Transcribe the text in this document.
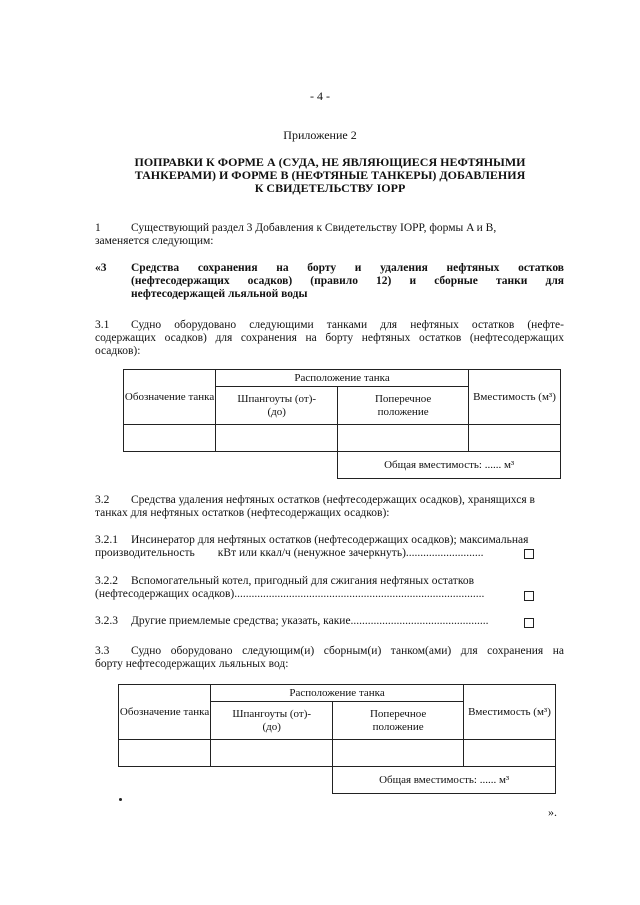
- 4 -
Приложение 2
ПОПРАВКИ К ФОРМЕ А (СУДА, НЕ ЯВЛЯЮЩИЕСЯ НЕФТЯНЫМИ
ТАНКЕРАМИ) И ФОРМЕ В (НЕФТЯНЫЕ ТАНКЕРЫ) ДОБАВЛЕНИЯ
К СВИДЕТЕЛЬСТВУ IOPP
1	Существующий раздел 3 Добавления к Свидетельству IOPP, формы A и B,
заменяется следующим:
«3 Средства сохранения на борту и удаления нефтяных остатков
(нефтесодержащих осадков) (правило 12) и сборные танки для
нефтесодержащей льяльной воды
3.1 Судно оборудовано следующими танками для нефтяных остатков (нефте-
содержащих осадков) для сохранения на борту нефтяных остатков (нефтесодержащих
осадков):
Обозначение танка	Расположение танка		Вместимость (м³)
	Шпангоуты (от)-(до)	Поперечное положение	

		Общая вместимость: ...... м³	
3.2 Средства удаления нефтяных остатков (нефтесодержащих осадков), хранящихся в
танках для нефтяных остатков (нефтесодержащих осадков):
3.2.1 Инсинератор для нефтяных остатков (нефтесодержащих осадков); максимальная
производительность        кВт или ккал/ч (ненужное зачеркнуть)...........................
3.2.2 Вспомогательный котел, пригодный для сжигания нефтяных остатков
(нефтесодержащих осадков).......................................................................................
3.2.3 Другие приемлемые средства; указать, какие................................................
3.3 Судно оборудовано следующим(и) сборным(и) танком(ами) для сохранения на
борту нефтесодержащих льяльных вод:
Обозначение танка	Расположение танка		Вместимость (м³)
	Шпангоуты (от)-(до)	Поперечное положение	

		Общая вместимость: ...... м³	
».
